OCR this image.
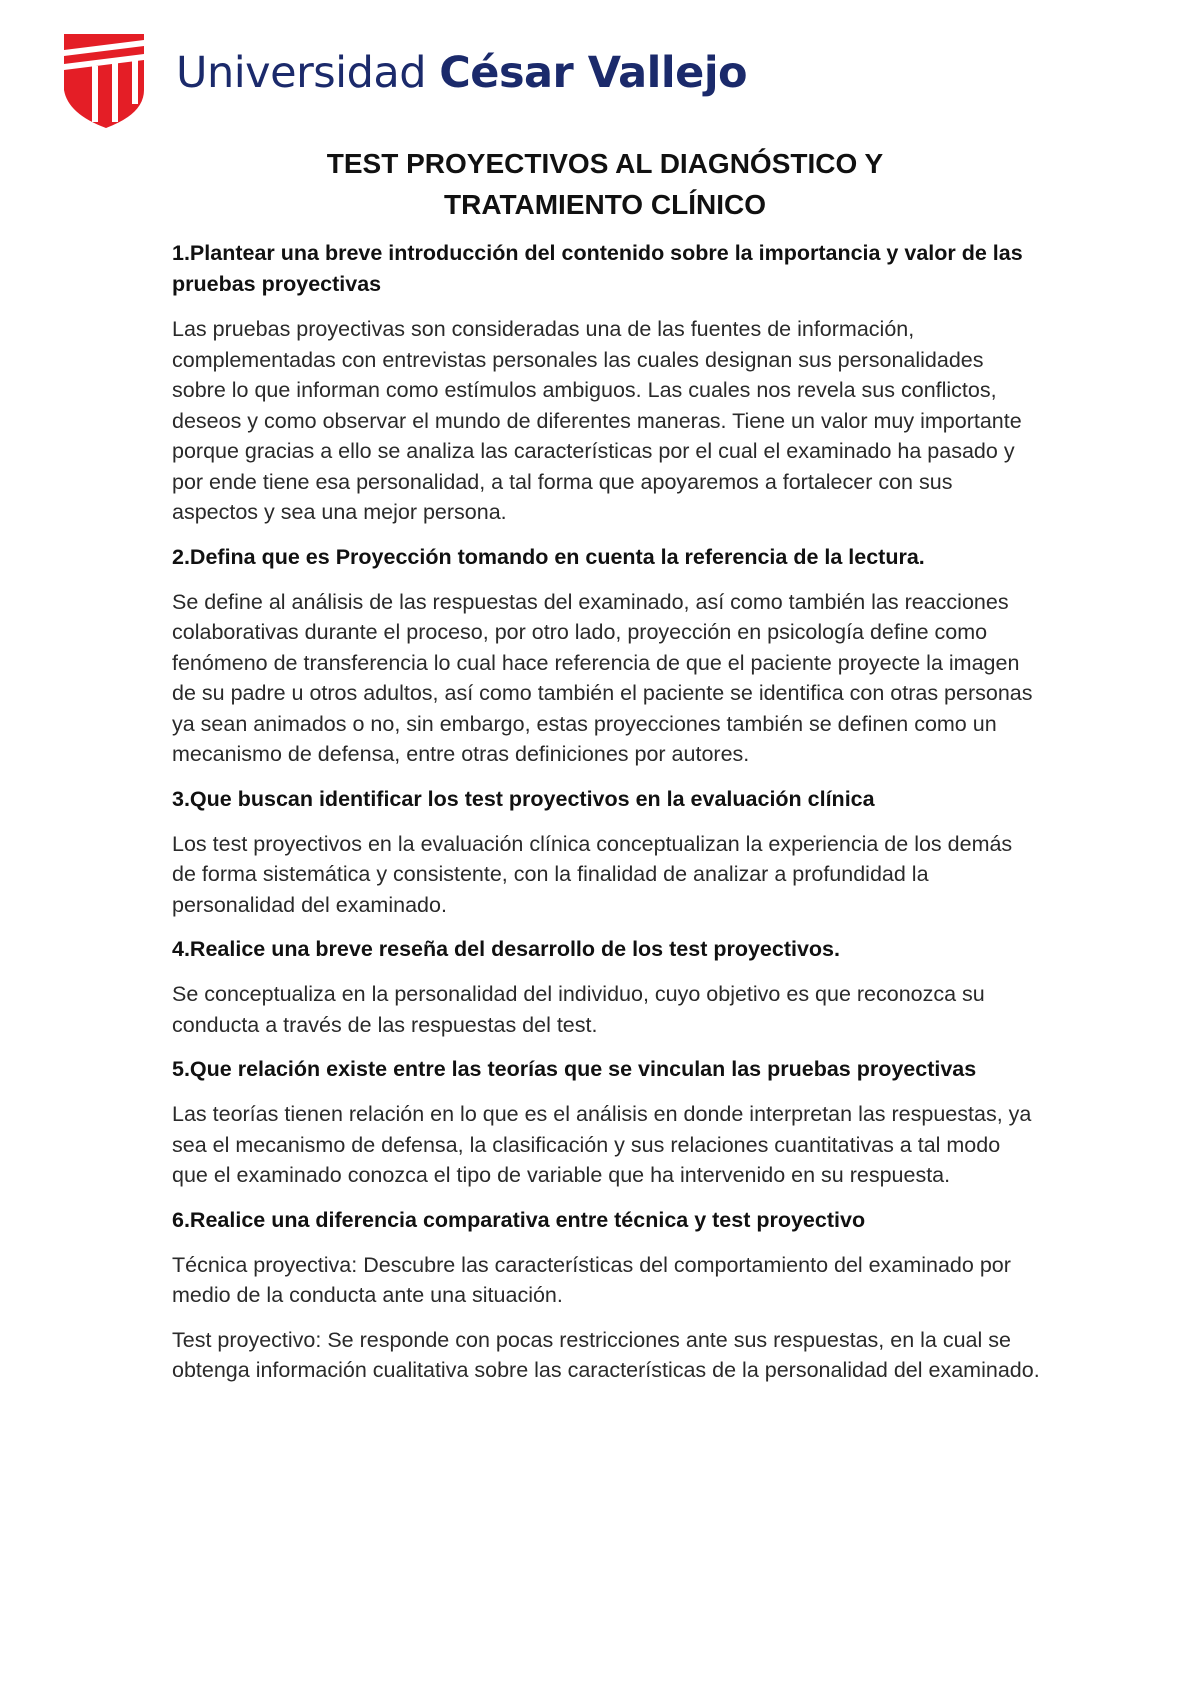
Universidad César Vallejo
TEST PROYECTIVOS AL DIAGNÓSTICO Y
TRATAMIENTO CLÍNICO

1.Plantear una breve introducción del contenido sobre la importancia y valor de las pruebas proyectivas

Las pruebas proyectivas son consideradas una de las fuentes de información, complementadas con entrevistas personales las cuales designan sus personalidades sobre lo que informan como estímulos ambiguos. Las cuales nos revela sus conflictos, deseos y como observar el mundo de diferentes maneras. Tiene un valor muy importante porque gracias a ello se analiza las características por el cual el examinado ha pasado y por ende tiene esa personalidad, a tal forma que apoyaremos a fortalecer con sus aspectos y sea una mejor persona.

2.Defina que es Proyección tomando en cuenta la referencia de la lectura.

Se define al análisis de las respuestas del examinado, así como también las reacciones colaborativas durante el proceso, por otro lado, proyección en psicología define como fenómeno de transferencia lo cual hace referencia de que el paciente proyecte la imagen de su padre u otros adultos, así como también el paciente se identifica con otras personas ya sean animados o no, sin embargo, estas proyecciones también se definen como un mecanismo de defensa, entre otras definiciones por autores.

3.Que buscan identificar los test proyectivos en la evaluación clínica

Los test proyectivos en la evaluación clínica conceptualizan la experiencia de los demás de forma sistemática y consistente, con la finalidad de analizar a profundidad la personalidad del examinado.

4.Realice una breve reseña del desarrollo de los test proyectivos.

Se conceptualiza en la personalidad del individuo, cuyo objetivo es que reconozca su conducta a través de las respuestas del test.

5.Que relación existe entre las teorías que se vinculan las pruebas proyectivas

Las teorías tienen relación en lo que es el análisis en donde interpretan las respuestas, ya sea el mecanismo de defensa, la clasificación y sus relaciones cuantitativas a tal modo que el examinado conozca el tipo de variable que ha intervenido en su respuesta.

6.Realice una diferencia comparativa entre técnica y test proyectivo

Técnica proyectiva: Descubre las características del comportamiento del examinado por medio de la conducta ante una situación.

Test proyectivo: Se responde con pocas restricciones ante sus respuestas, en la cual se obtenga información cualitativa sobre las características de la personalidad del examinado.
